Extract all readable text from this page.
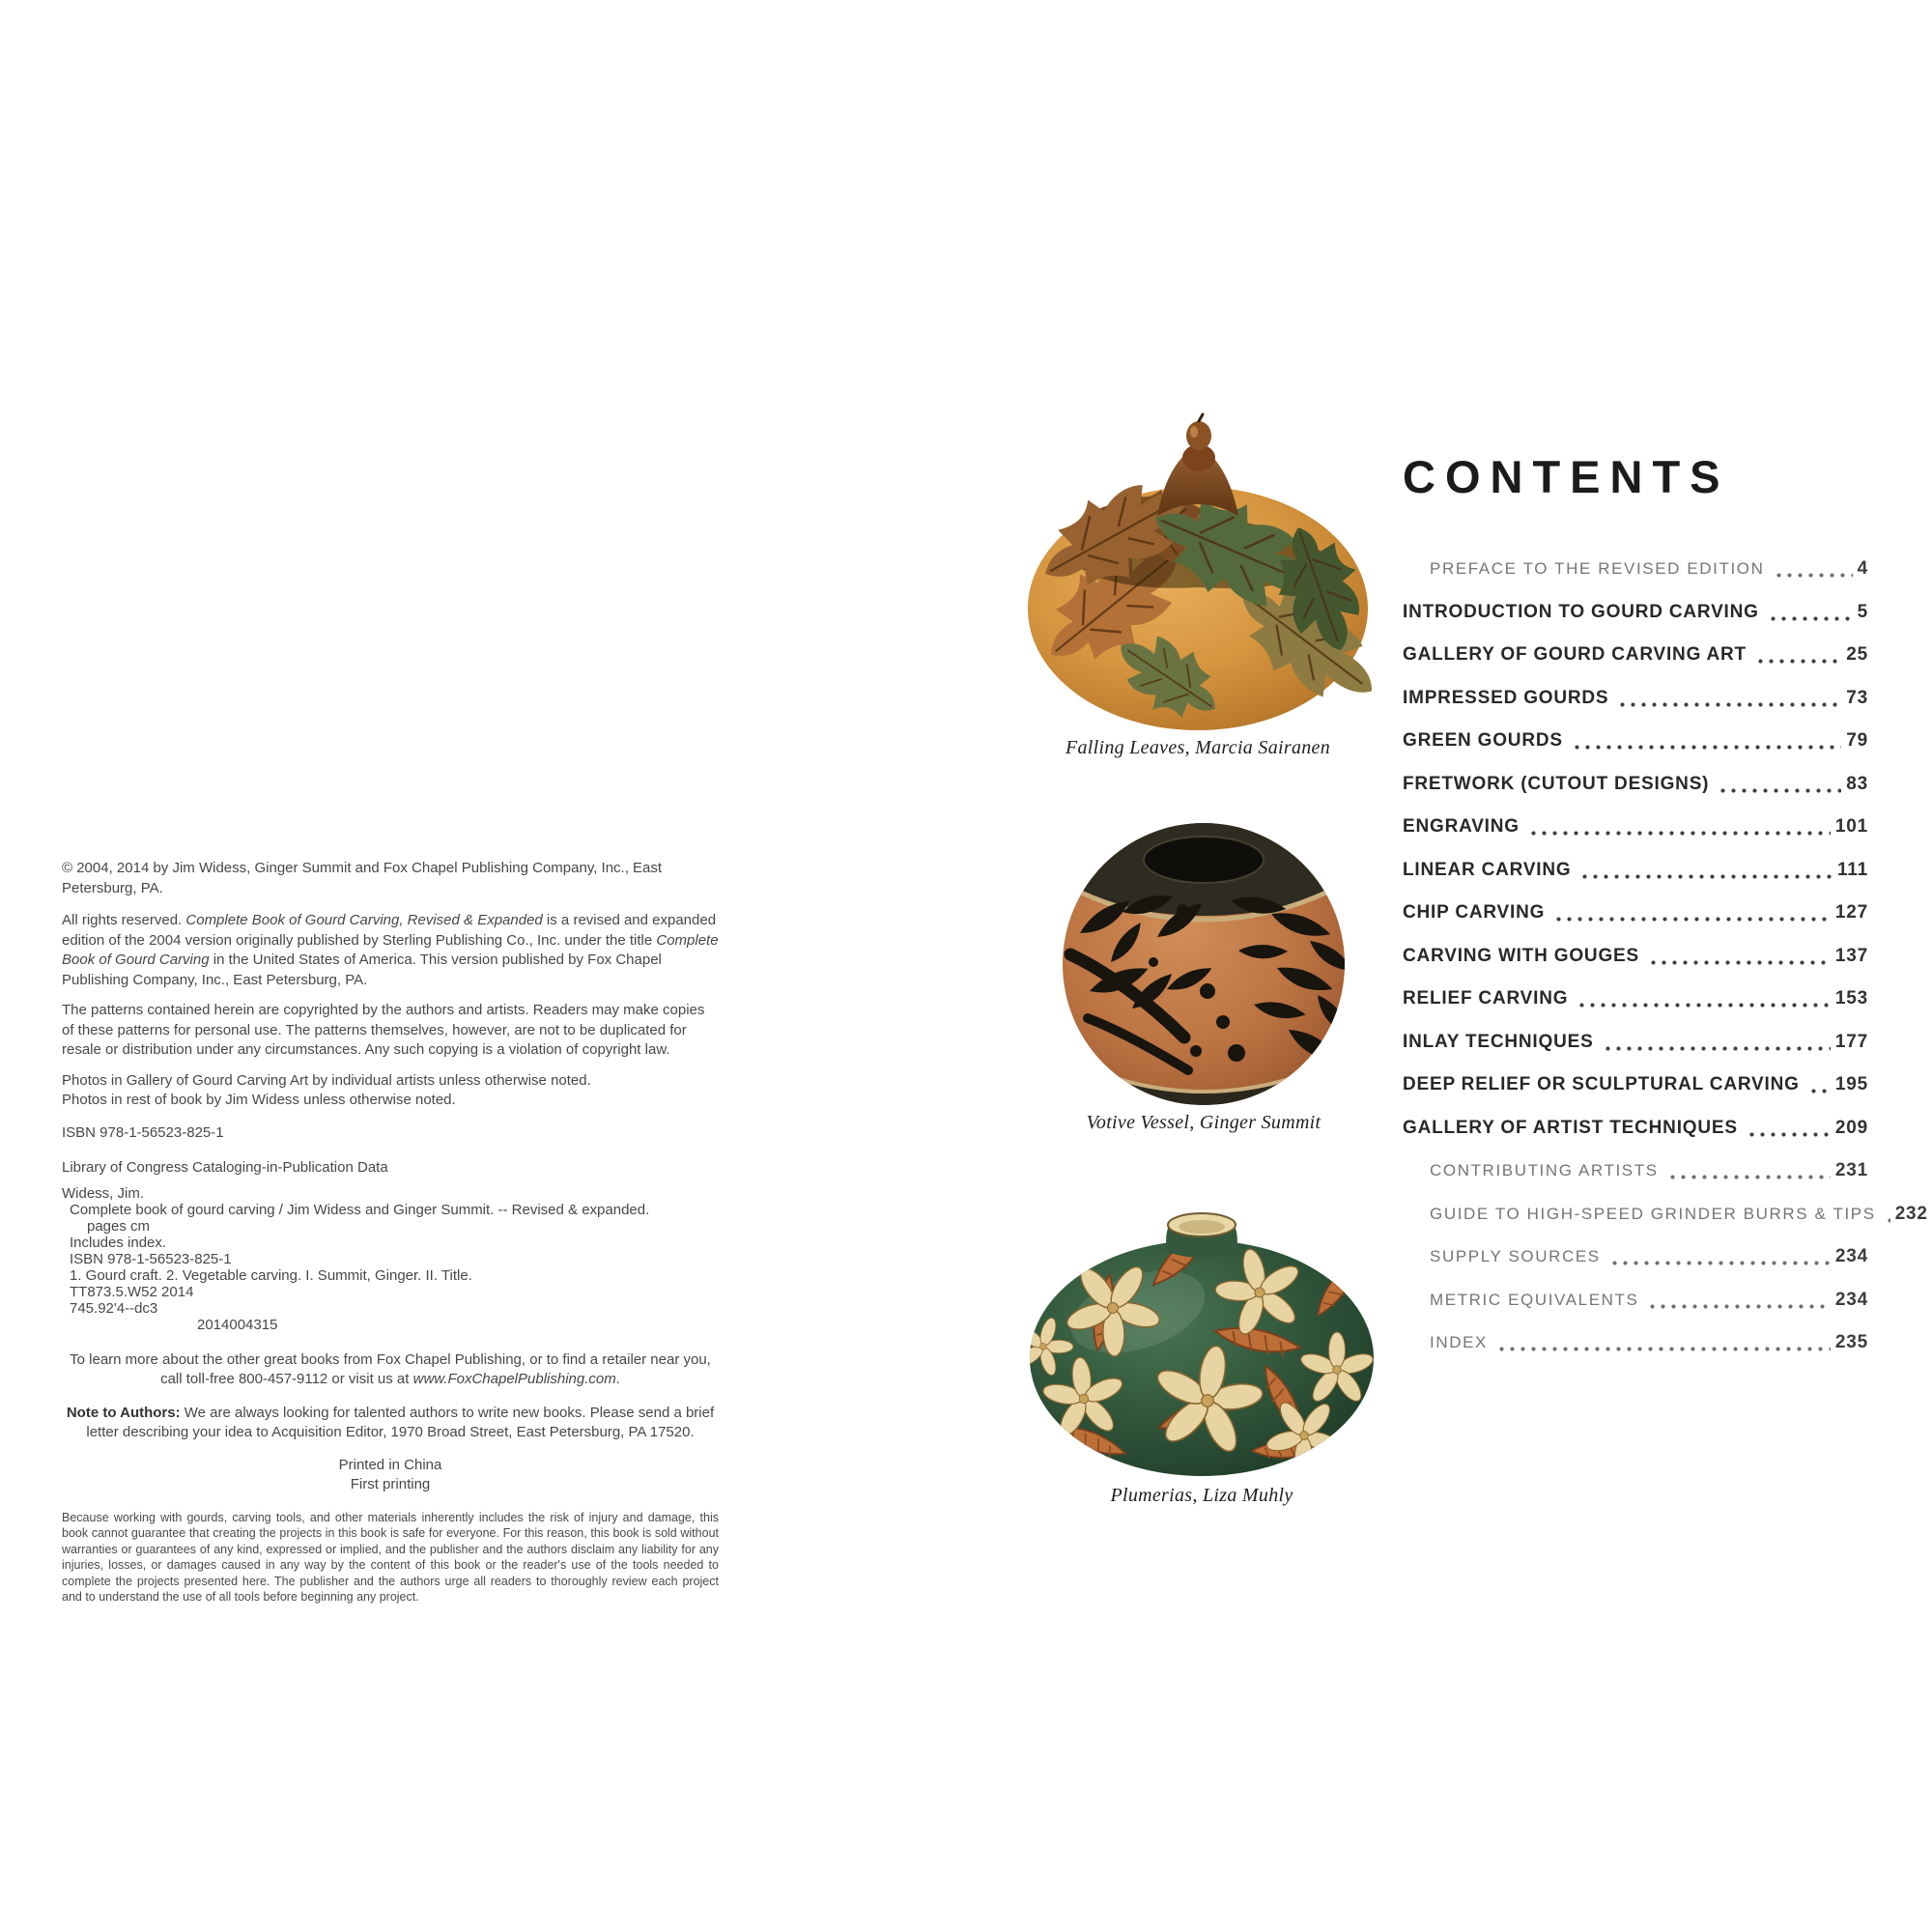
© 2004, 2014 by Jim Widess, Ginger Summit and Fox Chapel Publishing Company, Inc., East Petersburg, PA.
All rights reserved. Complete Book of Gourd Carving, Revised & Expanded is a revised and expanded edition of the 2004 version originally published by Sterling Publishing Co., Inc. under the title Complete Book of Gourd Carving in the United States of America. This version published by Fox Chapel Publishing Company, Inc., East Petersburg, PA.
The patterns contained herein are copyrighted by the authors and artists. Readers may make copies of these patterns for personal use. The patterns themselves, however, are not to be duplicated for resale or distribution under any circumstances. Any such copying is a violation of copyright law.
Photos in Gallery of Gourd Carving Art by individual artists unless otherwise noted.
Photos in rest of book by Jim Widess unless otherwise noted.
ISBN 978-1-56523-825-1
Library of Congress Cataloging-in-Publication Data
Widess, Jim.
Complete book of gourd carving / Jim Widess and Ginger Summit. -- Revised & expanded.
pages cm
Includes index.
ISBN 978-1-56523-825-1
1. Gourd craft. 2. Vegetable carving. I. Summit, Ginger. II. Title.
TT873.5.W52 2014
745.92'4--dc3
2014004315
To learn more about the other great books from Fox Chapel Publishing, or to find a retailer near you, call toll-free 800-457-9112 or visit us at www.FoxChapelPublishing.com.
Note to Authors: We are always looking for talented authors to write new books. Please send a brief letter describing your idea to Acquisition Editor, 1970 Broad Street, East Petersburg, PA 17520.
Printed in China
First printing
Because working with gourds, carving tools, and other materials inherently includes the risk of injury and damage, this book cannot guarantee that creating the projects in this book is safe for everyone. For this reason, this book is sold without warranties or guarantees of any kind, expressed or implied, and the publisher and the authors disclaim any liability for any injuries, losses, or damages caused in any way by the content of this book or the reader's use of the tools needed to complete the projects presented here. The publisher and the authors urge all readers to thoroughly review each project and to understand the use of all tools before beginning any project.
Falling Leaves, Marcia Sairanen
Votive Vessel, Ginger Summit
Plumerias, Liza Muhly
CONTENTS
PREFACE TO THE REVISED EDITION	4
INTRODUCTION TO GOURD CARVING	5
GALLERY OF GOURD CARVING ART	25
IMPRESSED GOURDS	73
GREEN GOURDS	79
FRETWORK (CUTOUT DESIGNS)	83
ENGRAVING	101
LINEAR CARVING	111
CHIP CARVING	127
CARVING WITH GOUGES	137
RELIEF CARVING	153
INLAY TECHNIQUES	177
DEEP RELIEF OR SCULPTURAL CARVING 195
GALLERY OF ARTIST TECHNIQUES	209
CONTRIBUTING ARTISTS	231
GUIDE TO HIGH-SPEED GRINDER BURRS & TIPS 232
SUPPLY SOURCES	234
METRIC EQUIVALENTS	234
INDEX	235
